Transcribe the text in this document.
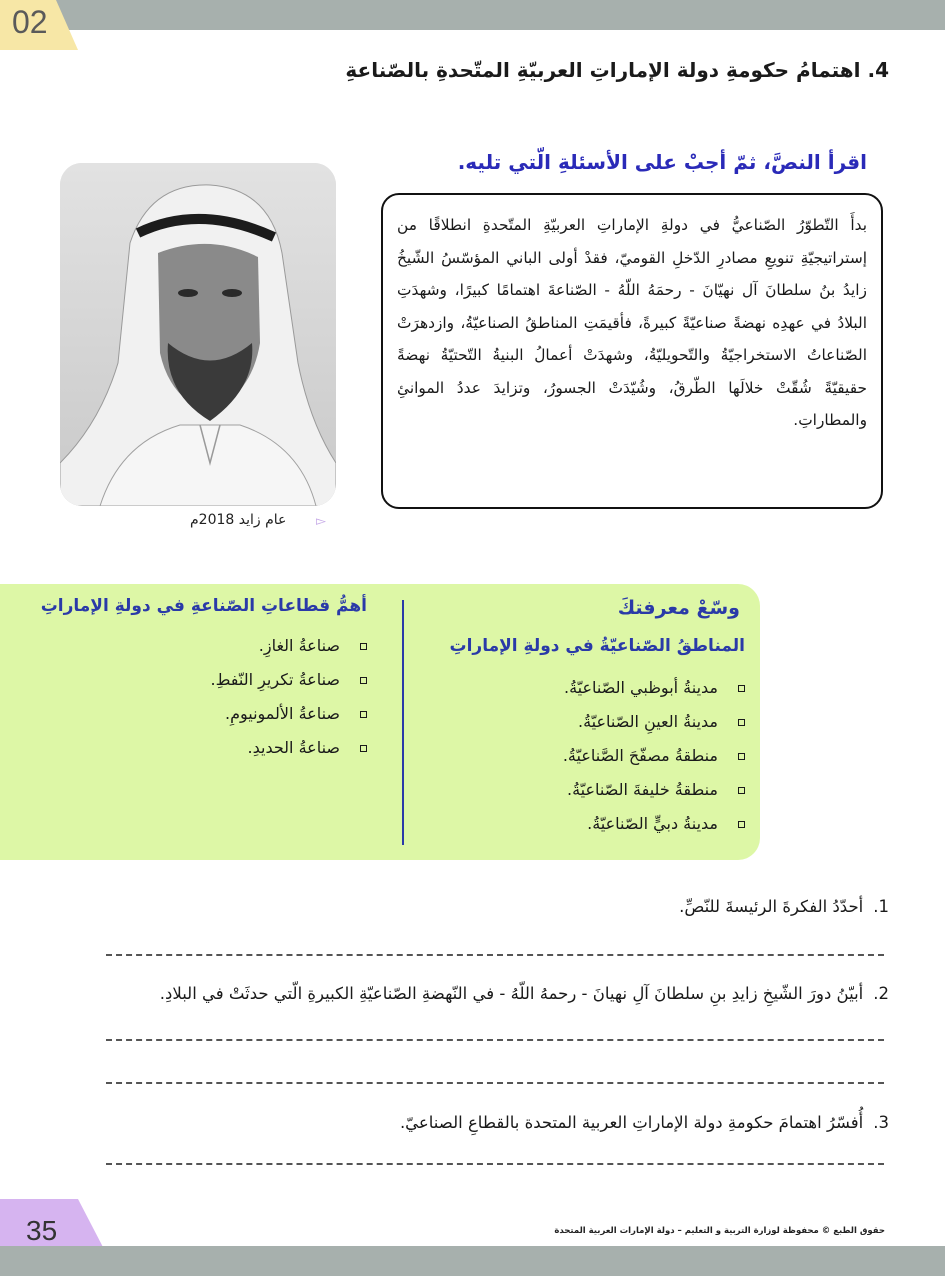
02
4. اهتمامُ حكومةِ دولة الإماراتِ العربيّةِ المتّحدةِ بالصّناعةِ
اقرأ النصَّ، ثمّ أجبْ على الأسئلةِ الّتي تليه.
▻
عام زايد 2018م

بدأَ التّطوّرُ الصّناعيُّ في دولةِ الإماراتِ العربيّةِ المتّحدةِ انطلاقًا من إستراتيجيّةِ تنويعِ مصادرِ الدّخلِ القوميّ، فقدْ أولى الباني المؤسّسُ الشّيخُ زايدُ بنُ سلطانَ آل نهيّانَ - رحمَهُ اللّهُ - الصّناعةَ اهتمامًا كبيرًا، وشهدَتِ البلادُ في عهدِه نهضةً صناعيّةً كبيرةً، فأقيمَتِ المناطقُ الصناعيّةُ، وازدهرَتْ الصّناعاتُ الاستخراجيّةُ والتّحويليّةُ، وشهدَتْ أعمالُ البنيةُ التّحتيّةُ نهضةً حقيقيّةً شُقّتْ خلالَها الطّرقُ، وشُيّدَتْ الجسورُ، وتزايدَ عددُ الموانئِ والمطاراتِ.

وسّعْ معرفتكَ
المناطقُ الصّناعيّةُ في دولةِ الإماراتِ
مدينةُ أبوظبي الصّناعيّةُ.
مدينةُ العينِ الصّناعيّةُ.
منطقةُ مصفّحَ الصَّناعيّةُ.
منطقةُ خليفةَ الصّناعيّةُ.
مدينةُ دبيٍّ الصّناعيّةُ.
أهمُّ قطاعاتِ الصّناعةِ في دولةِ الإماراتِ
صناعةُ الغازِ.
صناعةُ تكريرِ النّفطِ.
صناعةُ الألمونيومِ.
صناعةُ الحديدِ.
1.أحدّدُ الفكرةَ الرئيسةَ للنّصِّ.
2.أبيّنُ دورَ الشّيخِ زايدِ بنِ سلطانَ آلِ نهيانَ - رحمهُ اللّهُ - في النّهضةِ الصّناعيّةِ الكبيرةِ الّتي حدثَتْ في البلادِ.
3.أُفسّرُ اهتمامَ حكومةِ دولة الإماراتِ العربية المتحدة بالقطاعِ الصناعيّ.
35	حقوق الطبع © محفوظة لوزارة التربية و التعليم – دولة الإمارات العربية المتحدة
